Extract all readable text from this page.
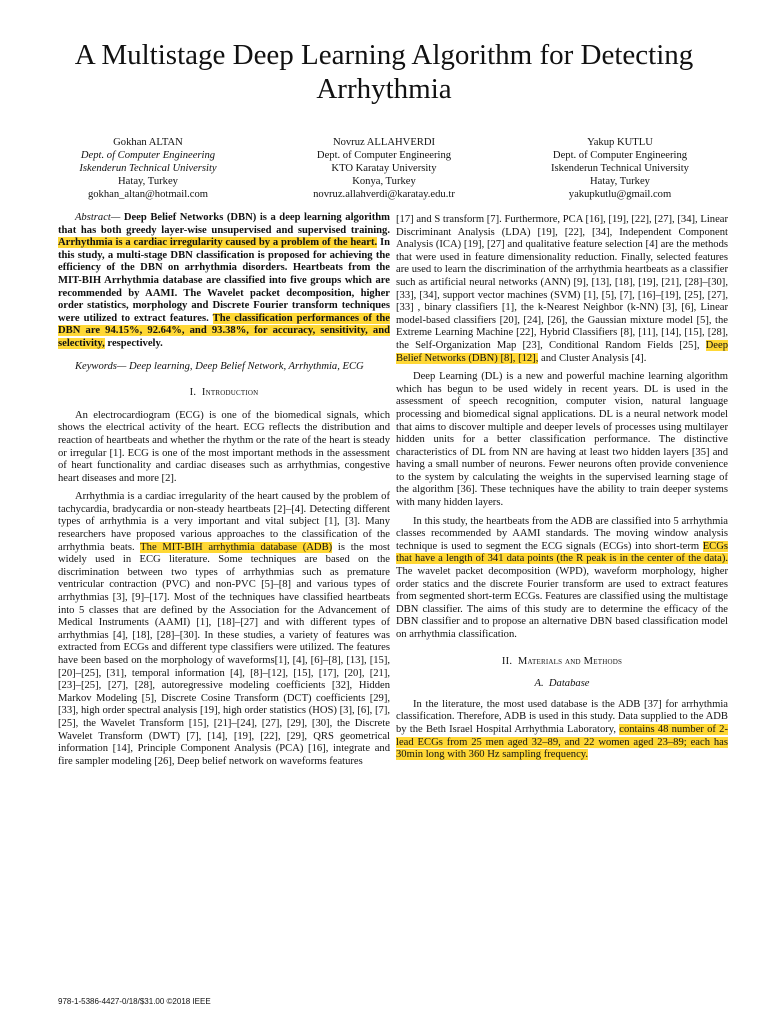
A Multistage Deep Learning Algorithm for Detecting Arrhythmia
Gokhan ALTAN
Dept. of Computer Engineering
Iskenderun Technical University
Hatay, Turkey
gokhan_altan@hotmail.com
Novruz ALLAHVERDI
Dept. of Computer Engineering
KTO Karatay University
Konya, Turkey
novruz.allahverdi@karatay.edu.tr
Yakup KUTLU
Dept. of Computer Engineering
Iskenderun Technical University
Hatay, Turkey
yakupkutlu@gmail.com

Abstract— Deep Belief Networks (DBN) is a deep learning algorithm that has both greedy layer-wise unsupervised and supervised training. Arrhythmia is a cardiac irregularity caused by a problem of the heart. In this study, a multi-stage DBN classification is proposed for achieving the efficiency of the DBN on arrhythmia disorders. Heartbeats from the MIT-BIH Arrhythmia database are classified into five groups which are recommended by AAMI. The Wavelet packet decomposition, higher order statistics, morphology and Discrete Fourier transform techniques were utilized to extract features. The classification performances of the DBN are 94.15%, 92.64%, and 93.38%, for accuracy, sensitivity, and selectivity, respectively.

Keywords— Deep learning, Deep Belief Network, Arrhythmia, ECG

I. Introduction

An electrocardiogram (ECG) is one of the biomedical signals, which shows the electrical activity of the heart. ECG reflects the distribution and reaction of heartbeats and whether the rhythm or the rate of the heart is steady or irregular [1]. ECG is one of the most important methods in the assessment of heart functionality and cardiac diseases such as arrhythmias, congestive heart diseases and more [2].

Arrhythmia is a cardiac irregularity of the heart caused by the problem of tachycardia, bradycardia or non-steady heartbeats [2]–[4]. Detecting different types of arrhythmia is a very important and vital subject [1], [3]. Many researchers have proposed various approaches to the classification of the arrhythmia beats. The MIT-BIH arrhythmia database (ADB) is the most widely used in ECG literature. Some techniques are based on the discrimination between two types of arrhythmias such as premature ventricular contraction (PVC) and non-PVC [5]–[8] and various types of arrhythmias [3], [9]–[17]. Most of the techniques have classified heartbeats into 5 classes that are defined by the Association for the Advancement of Medical Instruments (AAMI) [1], [18]–[27] and with different types of arrhythmias [4], [18], [28]–[30]. In these studies, a variety of features was extracted from ECGs and different type classifiers were utilized. The features have been based on the morphology of waveforms[1], [4], [6]–[8], [13], [15], [20]–[25], [31], temporal information [4], [8]–[12], [15], [17], [20], [21], [23]–[25], [27], [28], autoregressive modeling coefficients [32], Hidden Markov Modeling [5], Discrete Cosine Transform (DCT) coefficients [29], [33], high order spectral analysis [19], high order statistics (HOS) [3], [6], [7], [25], the Wavelet Transform [15], [21]–[24], [27], [29], [30], the Discrete Wavelet Transform (DWT) [7], [14], [19], [22], [29], QRS geometrical information [14], Principle Component Analysis (PCA) [16], integrate and fire sampler modeling [26], Deep belief network on waveforms features

[17] and S transform [7]. Furthermore, PCA [16], [19], [22], [27], [34], Linear Discriminant Analysis (LDA) [19], [22], [34], Independent Component Analysis (ICA) [19], [27] and qualitative feature selection [4] are the methods that were used in feature dimensionality reduction. Finally, selected features are used to learn the discrimination of the arrhythmia heartbeats as a classifier such as artificial neural networks (ANN) [9], [13], [18], [19], [21], [28]–[30], [33], [34], support vector machines (SVM) [1], [5], [7], [16]–[19], [25], [27], [33] , binary classifiers [1], the k-Nearest Neighbor (k-NN) [3], [6], Linear model-based classifiers [20], [24], [26], the Gaussian mixture model [5], the Extreme Learning Machine [22], Hybrid Classifiers [8], [11], [14], [15], [28], the Self-Organization Map [23], Conditional Random Fields [25], Deep Belief Networks (DBN) [8], [12], and Cluster Analysis [4].

Deep Learning (DL) is a new and powerful machine learning algorithm which has begun to be used widely in recent years. DL is used in the assessment of speech recognition, computer vision, natural language processing and biomedical signal applications. DL is a neural network model that aims to discover multiple and deeper levels of processes using multilayer hidden units for a better classification performance. The distinctive characteristics of DL from NN are having at least two hidden layers [35] and having a small number of neurons. Fewer neurons often provide convenience to the system by calculating the weights in the supervised learning stage of the algorithm [36]. These techniques have the ability to train deeper systems with many hidden layers.

In this study, the heartbeats from the ADB are classified into 5 arrhythmia classes recommended by AAMI standards. The moving window analysis technique is used to segment the ECG signals (ECGs) into short-term ECGs that have a length of 341 data points (the R peak is in the center of the data). The wavelet packet decomposition (WPD), waveform morphology, higher order statics and the discrete Fourier transform are used to extract features from segmented short-term ECGs. Features are classified using the multistage DBN classifier. The aims of this study are to determine the efficacy of the DBN classifier and to propose an alternative DBN based classification model on arrhythmia classification.

II. Materials and Methods
A. Database

In the literature, the most used database is the ADB [37] for arrhythmia classification. Therefore, ADB is used in this study. Data supplied to the ADB by the Beth Israel Hospital Arrhythmia Laboratory, contains 48 number of 2-lead ECGs from 25 men aged 32–89, and 22 women aged 23–89; each has 30min long with 360 Hz sampling frequency.

978-1-5386-4427-0/18/$31.00 ©2018 IEEE
